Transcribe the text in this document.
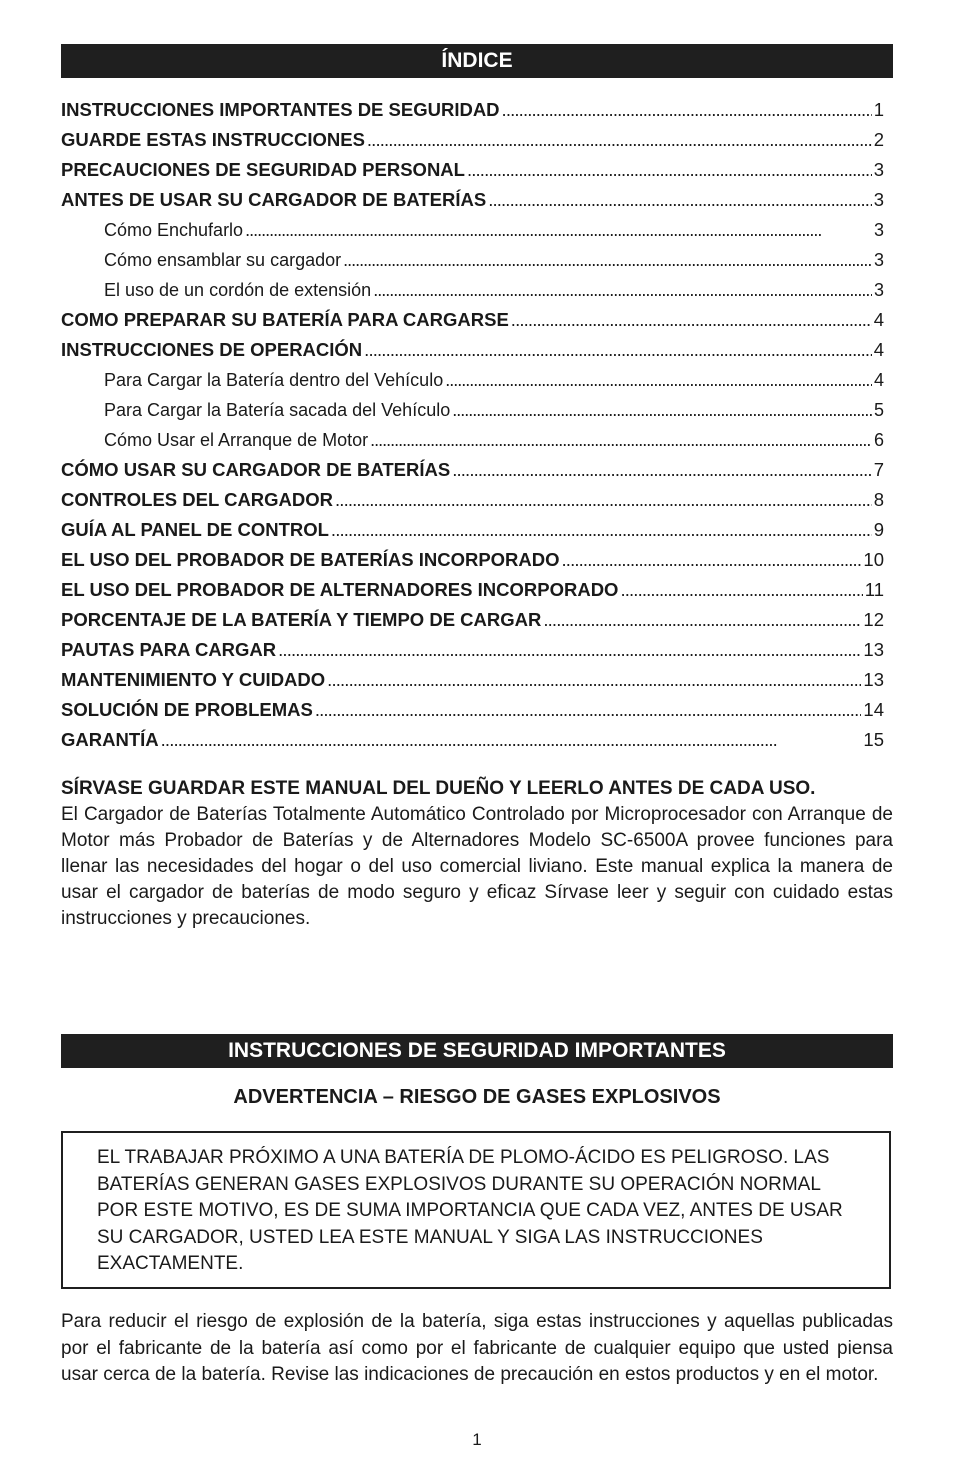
ÍNDICE
INSTRUCCIONES IMPORTANTES DE SEGURIDAD . . .	1
GUARDE ESTAS INSTRUCCIONES . . .	2
PRECAUCIONES DE SEGURIDAD PERSONAL . . .	3
ANTES DE USAR SU CARGADOR DE BATERÍAS . . .	3
Cómo Enchufarlo . . .	3
Cómo ensamblar su cargador . . .	3
El uso de un cordón de extensión . . .	3
COMO PREPARAR SU BATERÍA PARA CARGARSE . . .	4
INSTRUCCIONES DE OPERACIÓN . . .	4
Para Cargar la Batería dentro del Vehículo . . .	4
Para Cargar la Batería sacada del Vehículo . . .	5
Cómo Usar el Arranque de Motor . . .	6
CÓMO USAR SU CARGADOR DE BATERÍAS . . .	7
CONTROLES DEL CARGADOR . . .	8
GUÍA AL PANEL DE CONTROL . . .	9
EL USO DEL PROBADOR DE BATERÍAS INCORPORADO . . .	10
EL USO DEL PROBADOR DE ALTERNADORES INCORPORADO . . .	11
PORCENTAJE DE LA BATERÍA Y TIEMPO DE CARGAR . . .	12
PAUTAS PARA CARGAR . . .	13
MANTENIMIENTO Y CUIDADO . . .	13
SOLUCIÓN DE PROBLEMAS . . .	14
GARANTÍA . . .	15
SÍRVASE GUARDAR ESTE MANUAL DEL DUEÑO Y LEERLO ANTES DE CADA USO.
El Cargador de Baterías Totalmente Automático Controlado por Microprocesador con Arranque de Motor más Probador de Baterías y de Alternadores Modelo SC-6500A provee funciones para llenar las necesidades del hogar o del uso comercial liviano. Este manual explica la manera de usar el cargador de baterías de modo seguro y eficaz Sírvase leer y seguir con cuidado estas instrucciones y precauciones.
INSTRUCCIONES DE SEGURIDAD IMPORTANTES
ADVERTENCIA – RIESGO DE GASES EXPLOSIVOS
EL TRABAJAR PRÓXIMO A UNA BATERÍA DE PLOMO-ÁCIDO ES PELIGROSO. LAS BATERÍAS GENERAN GASES EXPLOSIVOS DURANTE SU OPERACIÓN NORMAL POR ESTE MOTIVO, ES DE SUMA IMPORTANCIA QUE CADA VEZ, ANTES DE USAR SU CARGADOR, USTED LEA ESTE MANUAL Y SIGA LAS INSTRUCCIONES EXACTAMENTE.
Para reducir el riesgo de explosión de la batería, siga estas instrucciones y aquellas publicadas por el fabricante de la batería así como por el fabricante de cualquier equipo que usted piensa usar cerca de la batería. Revise las indicaciones de precaución en estos productos y en el motor.
1
